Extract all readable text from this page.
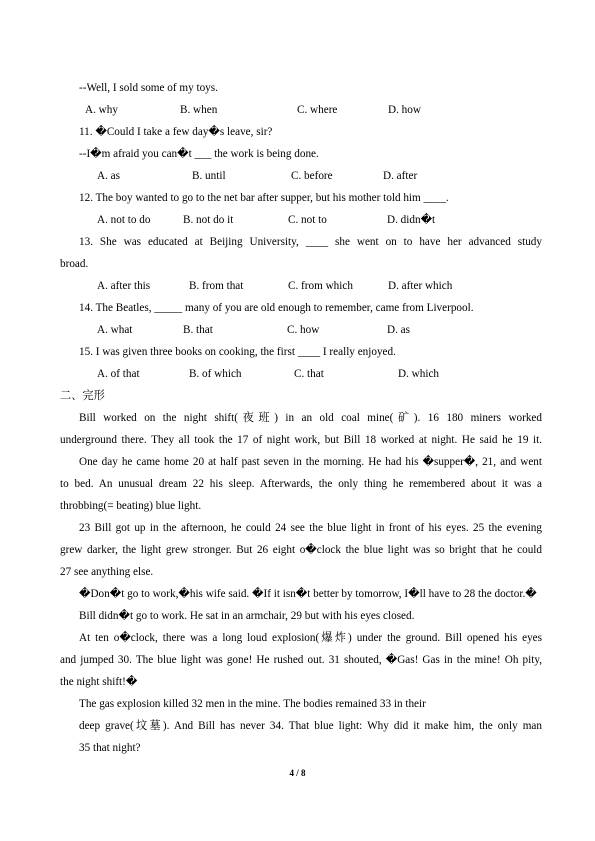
--Well, I sold some of my toys.
A. why	B. when	C. where	D. how
11. �Could I take a few day�s leave, sir?
--I�m afraid you can�t ___ the work is being done.
A. as	B. until	C. before	D. after
12. The boy wanted to go to the net bar after supper, but his mother told him ____.
A. not to do	B. not do it	C. not to	D. didn�t
13. She was educated at Beijing University, ____ she went on to have her advanced study
broad.
A. after this	B. from that	C. from which	D. after which
14. The Beatles, _____ many of you are old enough to remember, came from Liverpool.
A. what	B. that	C. how	D. as
15. I was given three books on cooking, the first ____ I really enjoyed.
A. of that	B. of which	C. that	D. which
二、完形
Bill worked on the night shift(夜班) in an old coal mine(矿). 16 180 miners worked
underground there. They all took the 17 of night work, but Bill 18 worked at night. He said he 19 it.
One day he came home 20 at half past seven in the morning. He had his �supper�, 21, and went
to bed. An unusual dream 22 his sleep. Afterwards, the only thing he remembered about it was a
throbbing(= beating) blue light.
23 Bill got up in the afternoon, he could 24 see the blue light in front of his eyes. 25 the evening
grew darker, the light grew stronger. But 26 eight o�clock the blue light was so bright that he could
27 see anything else.
�Don�t go to work,�his wife said. �If it isn�t better by tomorrow, I�ll have to 28 the doctor.�
Bill didn�t go to work. He sat in an armchair, 29 but with his eyes closed.
At ten o�clock, there was a long loud explosion(爆炸) under the ground. Bill opened his eyes
and jumped 30. The blue light was gone! He rushed out. 31 shouted, �Gas! Gas in the mine! Oh pity,
the night shift!�
The gas explosion killed 32 men in the mine. The bodies remained 33 in their
deep grave(坟墓). And Bill has never 34. That blue light: Why did it make him, the only man
35 that night?
4 / 8
